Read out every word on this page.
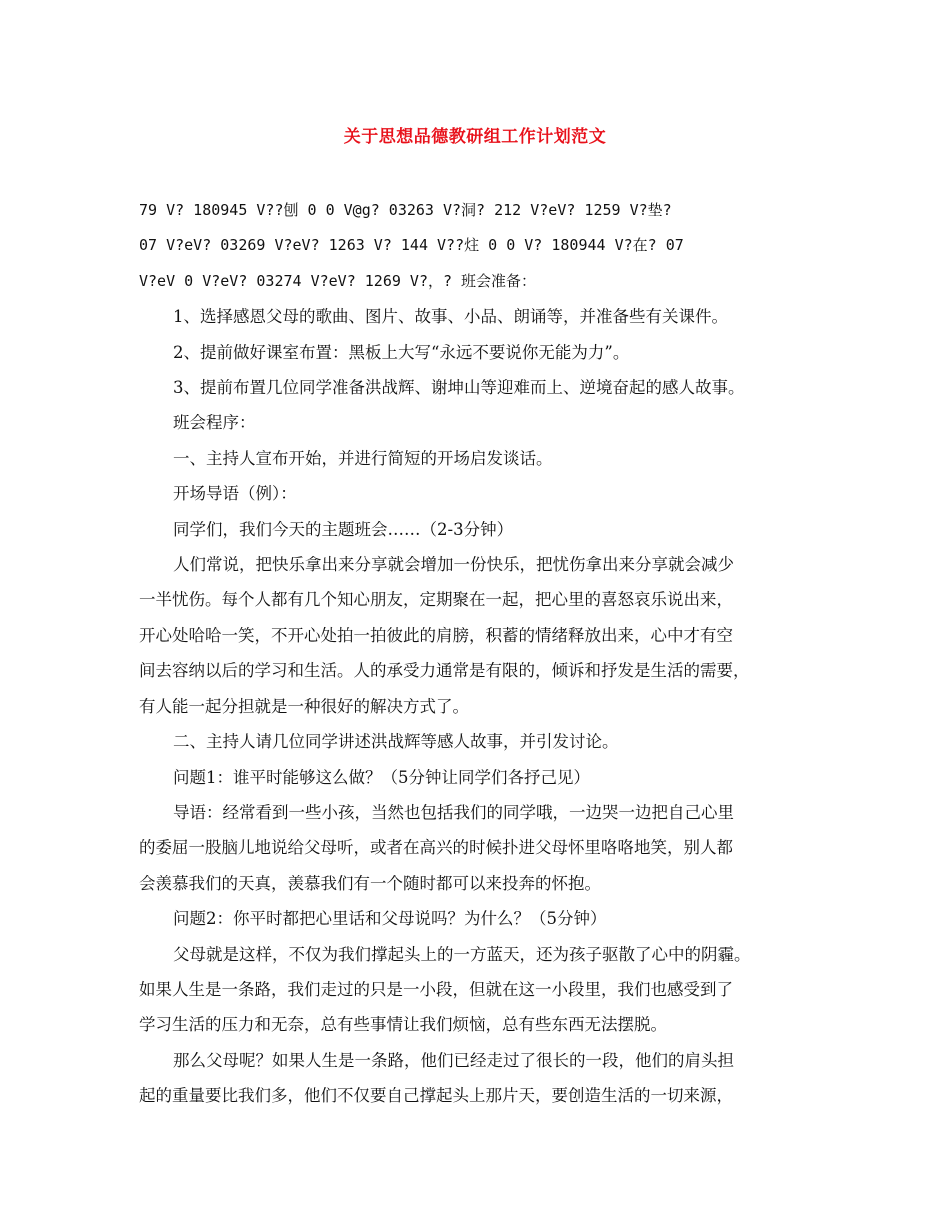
关于思想品德教研组工作计划范文

79 V? 180945 V??刨 0 0 V@g? 03263 V?洞? 212 V?eV? 1259 V?垫?

07 V?eV? 03269 V?eV? 1263 V? 144 V??炷 0 0 V? 180944 V?在? 07

V?eV 0 V?eV? 03274 V?eV? 1269 V?，? 班会准备：

1、选择感恩父母的歌曲、图片、故事、小品、朗诵等，并准备些有关课件。

2、提前做好课室布置：黑板上大写“永远不要说你无能为力”。

3、提前布置几位同学准备洪战辉、谢坤山等迎难而上、逆境奋起的感人故事。

班会程序：

一、主持人宣布开始，并进行简短的开场启发谈话。

开场导语（例）：

同学们，我们今天的主题班会……（2-3分钟）

人们常说，把快乐拿出来分享就会增加一份快乐，把忧伤拿出来分享就会减少

一半忧伤。每个人都有几个知心朋友，定期聚在一起，把心里的喜怒哀乐说出来，

开心处哈哈一笑，不开心处拍一拍彼此的肩膀，积蓄的情绪释放出来，心中才有空

间去容纳以后的学习和生活。人的承受力通常是有限的，倾诉和抒发是生活的需要，

有人能一起分担就是一种很好的解决方式了。

二、主持人请几位同学讲述洪战辉等感人故事，并引发讨论。

问题1：谁平时能够这么做？（5分钟让同学们各抒己见）

导语：经常看到一些小孩，当然也包括我们的同学哦，一边哭一边把自己心里

的委屈一股脑儿地说给父母听，或者在高兴的时候扑进父母怀里咯咯地笑，别人都

会羡慕我们的天真，羡慕我们有一个随时都可以来投奔的怀抱。

问题2：你平时都把心里话和父母说吗？为什么？（5分钟）

父母就是这样，不仅为我们撑起头上的一方蓝天，还为孩子驱散了心中的阴霾。

如果人生是一条路，我们走过的只是一小段，但就在这一小段里，我们也感受到了

学习生活的压力和无奈，总有些事情让我们烦恼，总有些东西无法摆脱。

那么父母呢？如果人生是一条路，他们已经走过了很长的一段，他们的肩头担

起的重量要比我们多，他们不仅要自己撑起头上那片天，要创造生活的一切来源，
